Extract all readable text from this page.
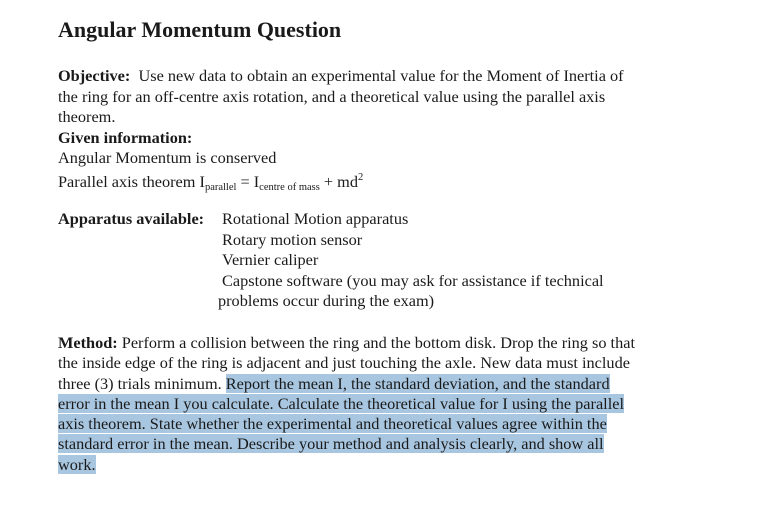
Angular Momentum Question
Objective: Use new data to obtain an experimental value for the Moment of Inertia of
the ring for an off-centre axis rotation, and a theoretical value using the parallel axis
theorem.
Given information:
Angular Momentum is conserved
Parallel axis theorem $I_{parallel} = I_{centre of mass} + md^2$
Apparatus available: Rotational Motion apparatus
Rotary motion sensor
Vernier caliper
Capstone software (you may ask for assistance if technical
problems occur during the exam)
Method: Perform a collision between the ring and the bottom disk. Drop the ring so that
the inside edge of the ring is adjacent and just touching the axle. New data must include
three (3) trials minimum. Report the mean I, the standard deviation, and the standard
error in the mean I you calculate. Calculate the theoretical value for I using the parallel
axis theorem. State whether the experimental and theoretical values agree within the
standard error in the mean. Describe your method and analysis clearly, and show all
work.
